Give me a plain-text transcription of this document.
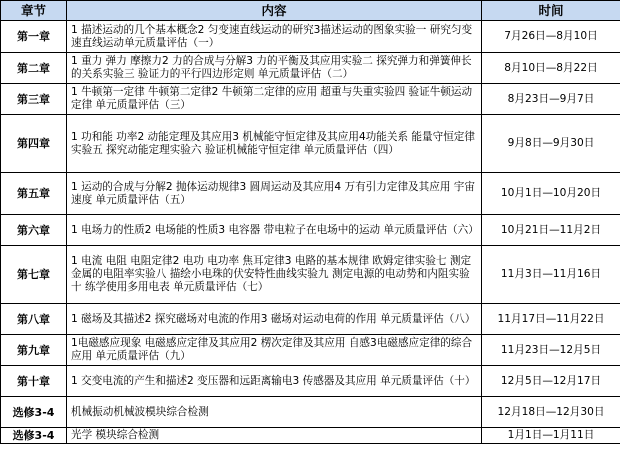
章节	内容	时间
第一章	1 描述运动的几个基本概念2 匀变速直线运动的研究3描述运动的图象实验一 研究匀变速直线运动单元质量评估（一）	7月26日—8月10日
第二章	1 重力 弹力 摩擦力2 力的合成与分解3 力的平衡及其应用实验二 探究弹力和弹簧伸长的关系实验三 验证力的平行四边形定则 单元质量评估（二）	8月10日—8月22日
第三章	1 牛顿第一定律 牛顿第二定律2 牛顿第二定律的应用 超重与失重实验四 验证牛顿运动定律 单元质量评估（三）	8月23日—9月7日
第四章	1 功和能 功率2 动能定理及其应用3 机械能守恒定律及其应用4功能关系 能量守恒定律实验五 探究动能定理实验六 验证机械能守恒定律 单元质量评估（四）	9月8日—9月30日
第五章	1 运动的合成与分解2 抛体运动规律3 圆周运动及其应用4 万有引力定律及其应用 宇宙速度 单元质量评估（五）	10月1日—10月20日
第六章	1 电场力的性质2 电场能的性质3 电容器 带电粒子在电场中的运动 单元质量评估（六）	10月21日—11月2日
第七章	1 电流 电阻 电阻定律2 电功 电功率 焦耳定律3 电路的基本规律 欧姆定律实验七 测定金属的电阻率实验八 描绘小电珠的伏安特性曲线实验九 测定电源的电动势和内阻实验十 练学使用多用电表 单元质量评估（七）	11月3日—11月16日
第八章	1 磁场及其描述2 探究磁场对电流的作用3 磁场对运动电荷的作用 单元质量评估（八）	11月17日—11月22日
第九章	1电磁感应现象 电磁感应定律及其应用2 楞次定律及其应用 自感3电磁感应定律的综合应用 单元质量评估（九）	11月23日—12月5日
第十章	1 交变电流的产生和描述2 变压器和远距离输电3 传感器及其应用 单元质量评估（十）	12月5日—12月17日
选修3-4	机械振动机械波模块综合检测	12月18日—12月30日
选修3-4	光学 模块综合检测	1月1日—1月11日
